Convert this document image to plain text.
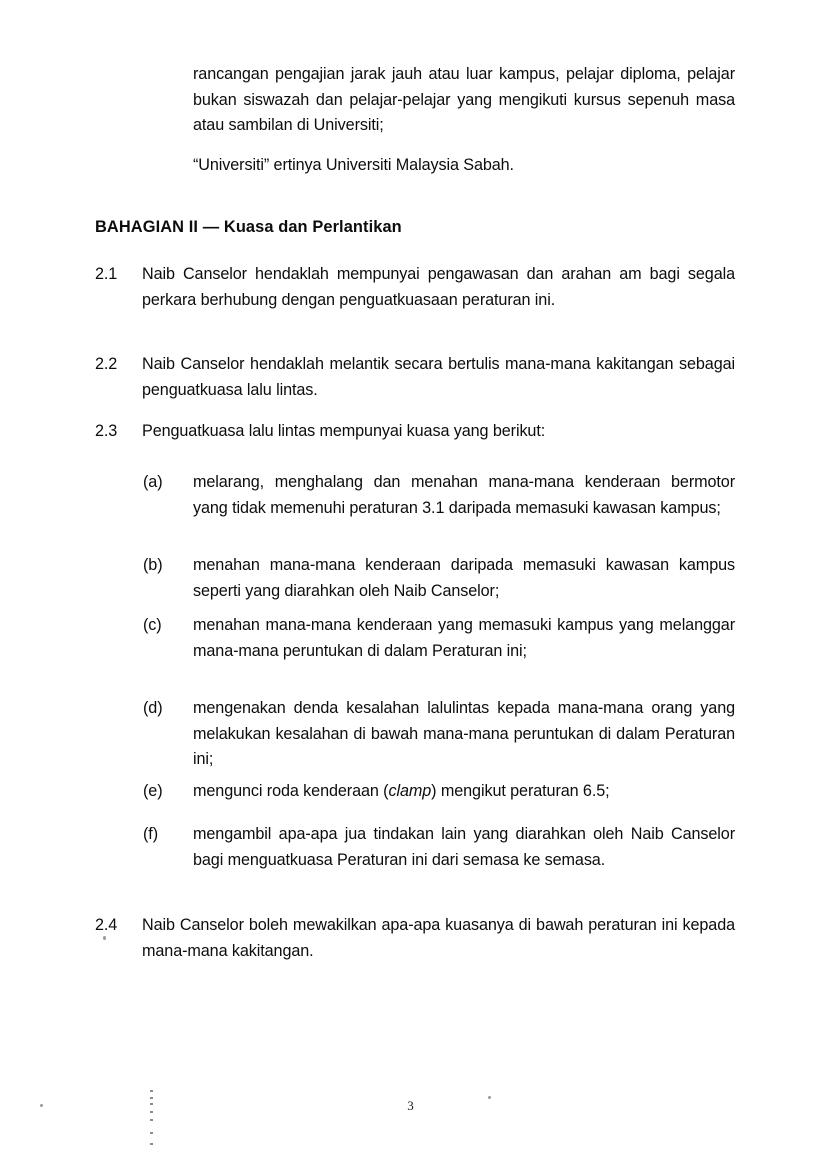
rancangan pengajian jarak jauh atau luar kampus, pelajar diploma, pelajar bukan siswazah dan pelajar-pelajar yang mengikuti kursus sepenuh masa atau sambilan di Universiti;

“Universiti” ertinya Universiti Malaysia Sabah.

BAHAGIAN II — Kuasa dan Perlantikan
2.1	Naib Canselor hendaklah mempunyai pengawasan dan arahan am bagi segala perkara berhubung dengan penguatkuasaan peraturan ini.
2.2	Naib Canselor hendaklah melantik secara bertulis mana-mana kakitangan sebagai penguatkuasa lalu lintas.
2.3	Penguatkuasa lalu lintas mempunyai kuasa yang berikut:
(a)	melarang, menghalang dan menahan mana-mana kenderaan bermotor yang tidak memenuhi peraturan 3.1 daripada memasuki kawasan kampus;
(b)	menahan mana-mana kenderaan daripada memasuki kawasan kampus seperti yang diarahkan oleh Naib Canselor;
(c)	menahan mana-mana kenderaan yang memasuki kampus yang melanggar mana-mana peruntukan di dalam Peraturan ini;
(d)	mengenakan denda kesalahan lalulintas kepada mana-mana orang yang melakukan kesalahan di bawah mana-mana peruntukan di dalam Peraturan ini;
(e)	mengunci roda kenderaan (clamp) mengikut peraturan 6.5;
(f)	mengambil apa-apa jua tindakan lain yang diarahkan oleh Naib Canselor bagi menguatkuasa Peraturan ini dari semasa ke semasa.
2.4	Naib Canselor boleh mewakilkan apa-apa kuasanya di bawah peraturan ini kepada mana-mana kakitangan.
3
